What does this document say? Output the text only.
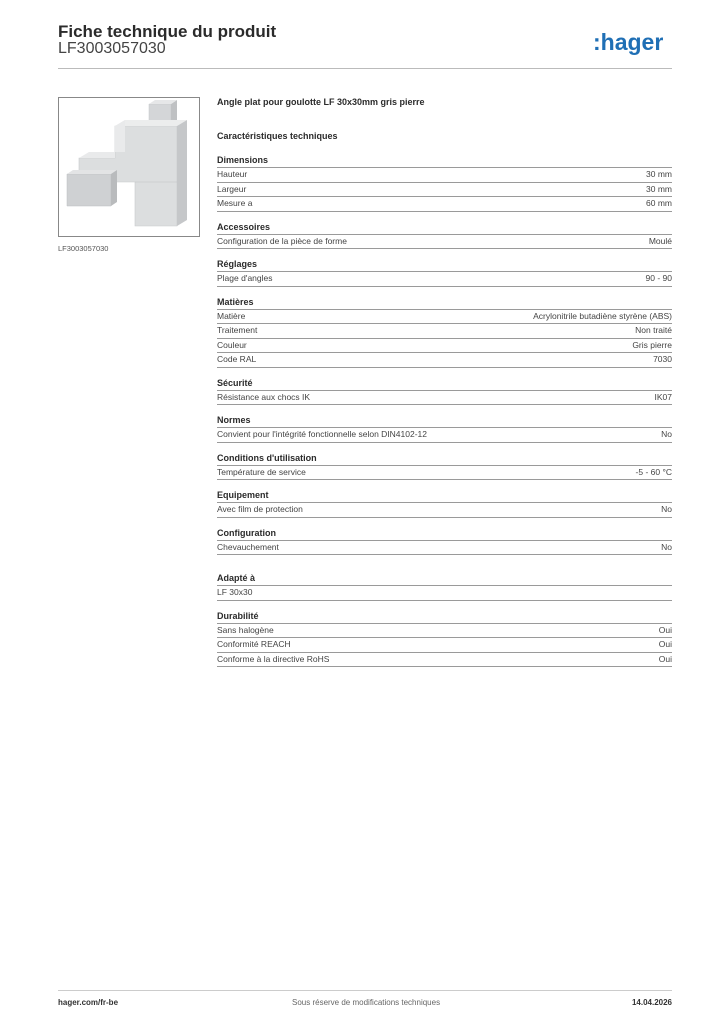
Fiche technique du produit
LF3003057030	:hager
LF3003057030
Angle plat pour goulotte LF 30x30mm gris pierre
Caractéristiques techniques
Dimensions
Hauteur	30 mm
Largeur	30 mm
Mesure a	60 mm
Accessoires
Configuration de la pièce de forme	Moulé
Réglages
Plage d'angles	90 - 90
Matières
Matière	Acrylonitrile butadiène styrène (ABS)
Traitement	Non traité
Couleur	Gris pierre
Code RAL	7030
Sécurité
Résistance aux chocs IK	IK07
Normes
Convient pour l'intégrité fonctionnelle selon DIN4102-12	No
Conditions d'utilisation
Température de service	-5 - 60 °C
Equipement
Avec film de protection	No
Configuration
Chevauchement	No
Adapté à
LF 30x30
Durabilité
Sans halogène	Oui
Conformité REACH	Oui
Conforme à la directive RoHS	Oui
hager.com/fr-be	Sous réserve de modifications techniques	14.04.2026
